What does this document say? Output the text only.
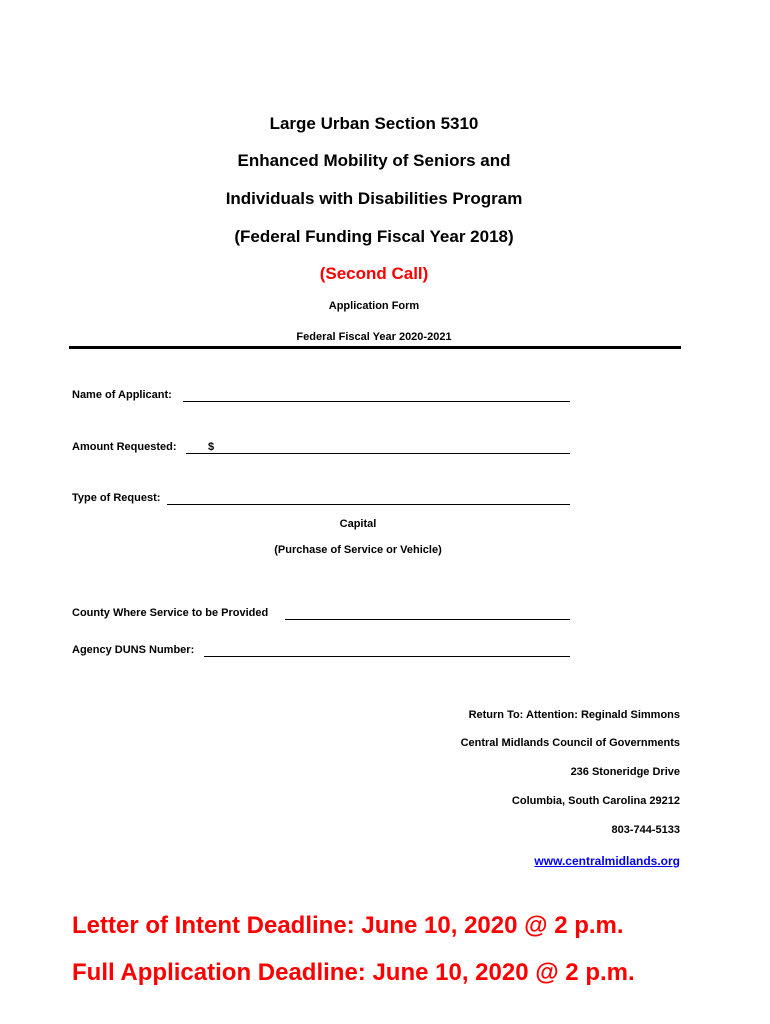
Large Urban Section 5310
Enhanced Mobility of Seniors and
Individuals with Disabilities Program
(Federal Funding Fiscal Year 2018)
(Second Call)
Application Form
Federal Fiscal Year 2020-2021
Name of Applicant:
Amount Requested:	$
Type of Request:
Capital
(Purchase of Service or Vehicle)
County Where Service to be Provided
Agency DUNS Number:
Return To: Attention: Reginald Simmons
Central Midlands Council of Governments
236 Stoneridge Drive
Columbia, South Carolina 29212
803-744-5133
www.centralmidlands.org
Letter of Intent Deadline: June 10, 2020 @ 2 p.m.
Full Application Deadline: June 10, 2020 @ 2 p.m.
